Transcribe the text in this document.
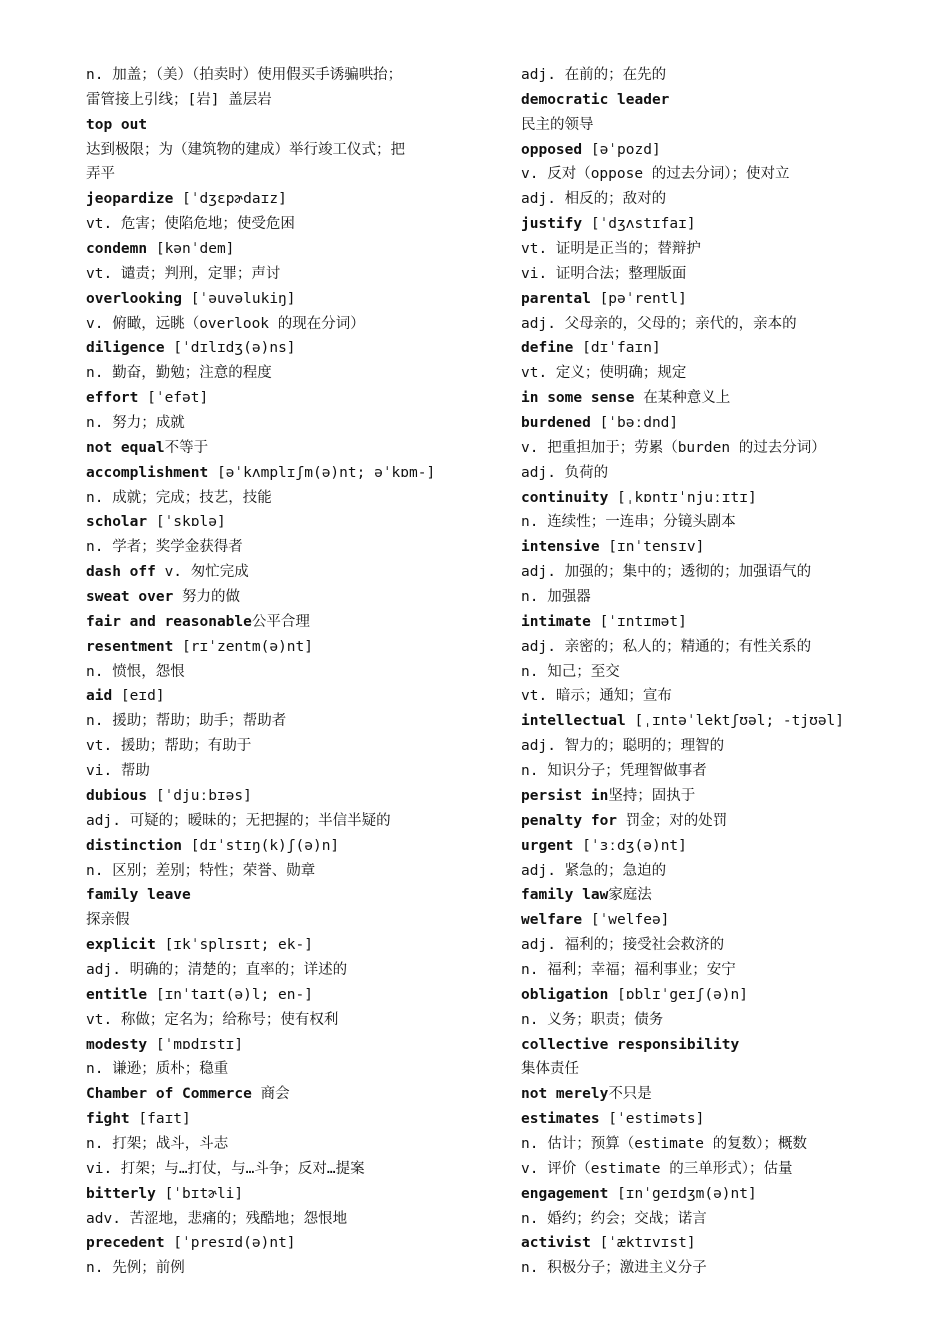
n. 加盖；（美）（拍卖时）使用假买手诱骗哄抬；
雷管接上引线；[岩] 盖层岩
top out
达到极限；为（建筑物的建成）举行竣工仪式；把
弄平
jeopardize [ˈdʒɛpɚdaɪz]
vt. 危害；使陷危地；使受危困
condemn [kənˈdem]
vt. 谴责；判刑，定罪；声讨
overlooking [ˈəuvəlukiŋ]
v. 俯瞰，远眺（overlook 的现在分词）
diligence [ˈdɪlɪdʒ(ə)ns]
n. 勤奋，勤勉；注意的程度
effort [ˈefət]
n. 努力；成就
not equal不等于
accomplishment [əˈkʌmplɪʃm(ə)nt; əˈkɒm-]
n. 成就；完成；技艺，技能
scholar [ˈskɒlə]
n. 学者；奖学金获得者
dash off v. 匆忙完成
sweat over 努力的做
fair and reasonable公平合理
resentment [rɪˈzentm(ə)nt]
n. 愤恨，怨恨
aid [eɪd]
n. 援助；帮助；助手；帮助者
vt. 援助；帮助；有助于
vi. 帮助
dubious [ˈdjuːbɪəs]
adj. 可疑的；暧昧的；无把握的；半信半疑的
distinction [dɪˈstɪŋ(k)ʃ(ə)n]
n. 区别；差别；特性；荣誉、勋章
family leave
探亲假
explicit [ɪkˈsplɪsɪt; ek-]
adj. 明确的；清楚的；直率的；详述的
entitle [ɪnˈtaɪt(ə)l; en-]
vt. 称做；定名为；给称号；使有权利
modesty [ˈmɒdɪstɪ]
n. 谦逊；质朴；稳重
Chamber of Commerce 商会
fight [faɪt]
n. 打架；战斗，斗志
vi. 打架；与…打仗，与…斗争；反对…提案
bitterly [ˈbɪtɚli]
adv. 苦涩地，悲痛的；残酷地；怨恨地
precedent [ˈpresɪd(ə)nt]
n. 先例；前例
adj. 在前的；在先的
democratic leader
民主的领导
opposed [əˈpozd]
v. 反对（oppose 的过去分词）；使对立
adj. 相反的；敌对的
justify [ˈdʒʌstɪfaɪ]
vt. 证明是正当的；替辩护
vi. 证明合法；整理版面
parental [pəˈrentl]
adj. 父母亲的，父母的；亲代的，亲本的
define [dɪˈfaɪn]
vt. 定义；使明确；规定
in some sense 在某种意义上
burdened [ˈbəːdnd]
v. 把重担加于；劳累（burden 的过去分词）
adj. 负荷的
continuity [ˌkɒntɪˈnjuːɪtɪ]
n. 连续性；一连串；分镜头剧本
intensive [ɪnˈtensɪv]
adj. 加强的；集中的；透彻的；加强语气的
n. 加强器
intimate [ˈɪntɪmət]
adj. 亲密的；私人的；精通的；有性关系的
n. 知己；至交
vt. 暗示；通知；宣布
intellectual [ˌɪntəˈlektʃʊəl; -tjʊəl]
adj. 智力的；聪明的；理智的
n. 知识分子；凭理智做事者
persist in坚持；固执于
penalty for 罚金；对的处罚
urgent [ˈɜːdʒ(ə)nt]
adj. 紧急的；急迫的
family law家庭法
welfare [ˈwelfeə]
adj. 福利的；接受社会救济的
n. 福利；幸福；福利事业；安宁
obligation [ɒblɪˈgeɪʃ(ə)n]
n. 义务；职责；债务
collective responsibility
集体责任
not merely不只是
estimates [ˈestiməts]
n. 估计；预算（estimate 的复数）；概数
v. 评价（estimate 的三单形式）；估量
engagement [ɪnˈgeɪdʒm(ə)nt]
n. 婚约；约会；交战；诺言
activist [ˈæktɪvɪst]
n. 积极分子；激进主义分子
